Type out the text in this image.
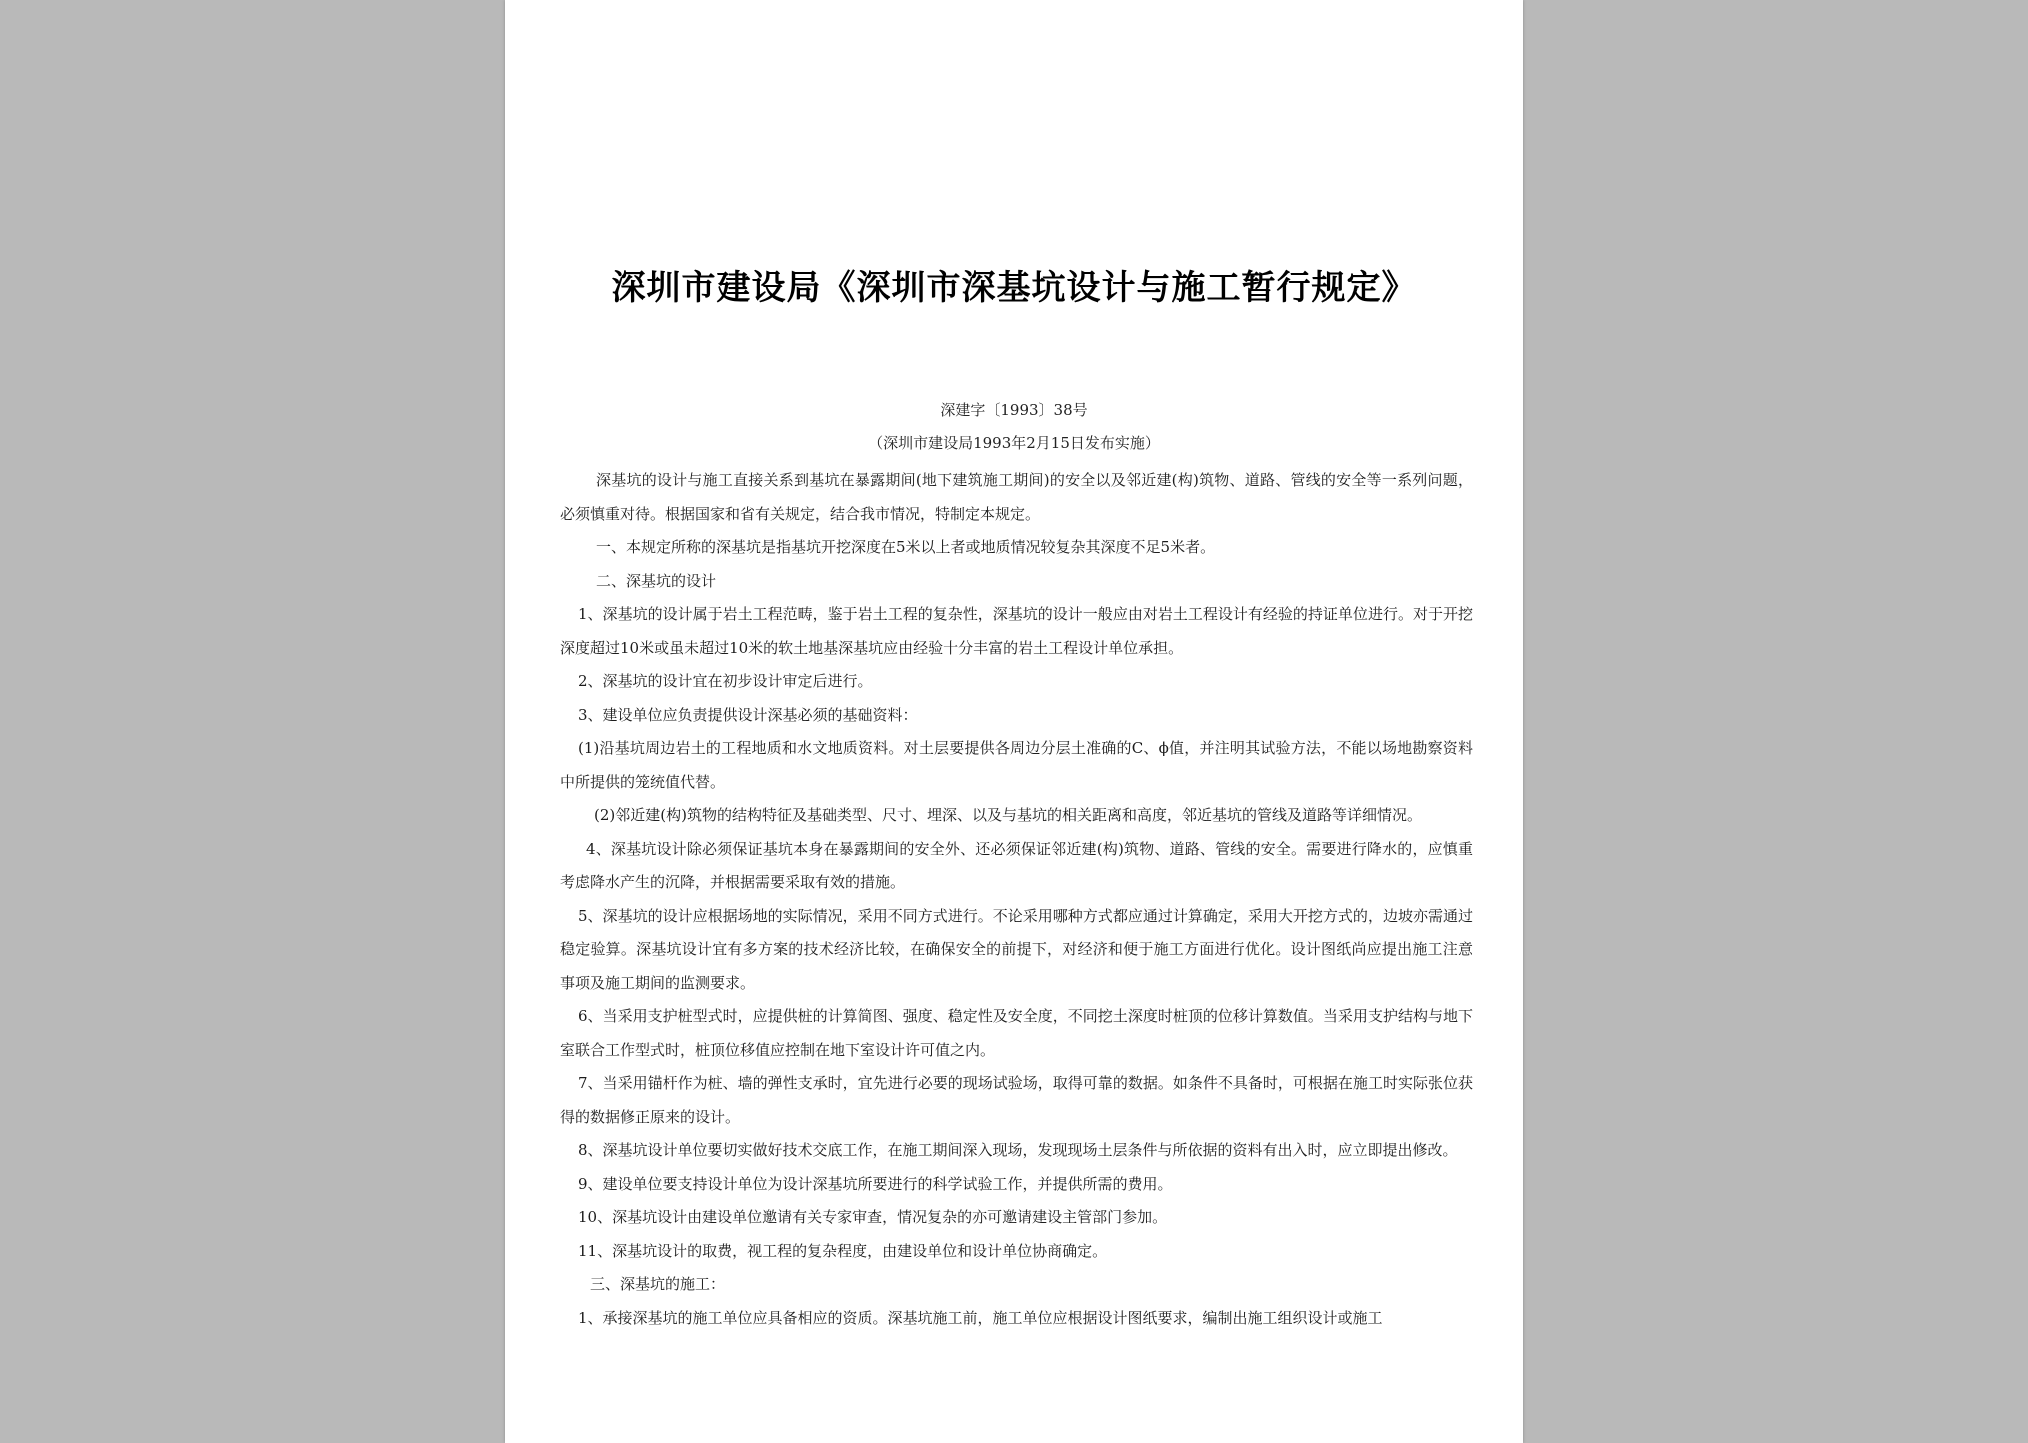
深圳市建设局《深圳市深基坑设计与施工暂行规定》
深建字〔1993〕38号
（深圳市建设局1993年2月15日发布实施）

深基坑的设计与施工直接关系到基坑在暴露期间(地下建筑施工期间)的安全以及邻近建(构)筑物、道路、管线的安全等一系列问题，必须慎重对待。根据国家和省有关规定，结合我市情况，特制定本规定。

一、本规定所称的深基坑是指基坑开挖深度在5米以上者或地质情况较复杂其深度不足5米者。

二、深基坑的设计

1、深基坑的设计属于岩土工程范畴，鉴于岩土工程的复杂性，深基坑的设计一般应由对岩土工程设计有经验的持证单位进行。对于开挖深度超过10米或虽未超过10米的软土地基深基坑应由经验十分丰富的岩土工程设计单位承担。

2、深基坑的设计宜在初步设计审定后进行。

3、建设单位应负责提供设计深基必须的基础资料：

(1)沿基坑周边岩土的工程地质和水文地质资料。对土层要提供各周边分层土准确的C、ϕ值，并注明其试验方法，不能以场地勘察资料中所提供的笼统值代替。

(2)邻近建(构)筑物的结构特征及基础类型、尺寸、埋深、以及与基坑的相关距离和高度，邻近基坑的管线及道路等详细情况。

4、深基坑设计除必须保证基坑本身在暴露期间的安全外、还必须保证邻近建(构)筑物、道路、管线的安全。需要进行降水的，应慎重考虑降水产生的沉降，并根据需要采取有效的措施。

5、深基坑的设计应根据场地的实际情况，采用不同方式进行。不论采用哪种方式都应通过计算确定，采用大开挖方式的，边坡亦需通过稳定验算。深基坑设计宜有多方案的技术经济比较，在确保安全的前提下，对经济和便于施工方面进行优化。设计图纸尚应提出施工注意事项及施工期间的监测要求。

6、当采用支护桩型式时，应提供桩的计算简图、强度、稳定性及安全度，不同挖土深度时桩顶的位移计算数值。当采用支护结构与地下室联合工作型式时，桩顶位移值应控制在地下室设计许可值之内。

7、当采用锚杆作为桩、墙的弹性支承时，宜先进行必要的现场试验场，取得可靠的数据。如条件不具备时，可根据在施工时实际张位获得的数据修正原来的设计。

8、深基坑设计单位要切实做好技术交底工作，在施工期间深入现场，发现现场土层条件与所依据的资料有出入时，应立即提出修改。

9、建设单位要支持设计单位为设计深基坑所要进行的科学试验工作，并提供所需的费用。

10、深基坑设计由建设单位邀请有关专家审查，情况复杂的亦可邀请建设主管部门参加。

11、深基坑设计的取费，视工程的复杂程度，由建设单位和设计单位协商确定。

三、深基坑的施工：

1、承接深基坑的施工单位应具备相应的资质。深基坑施工前，施工单位应根据设计图纸要求，编制出施工组织设计或施工
